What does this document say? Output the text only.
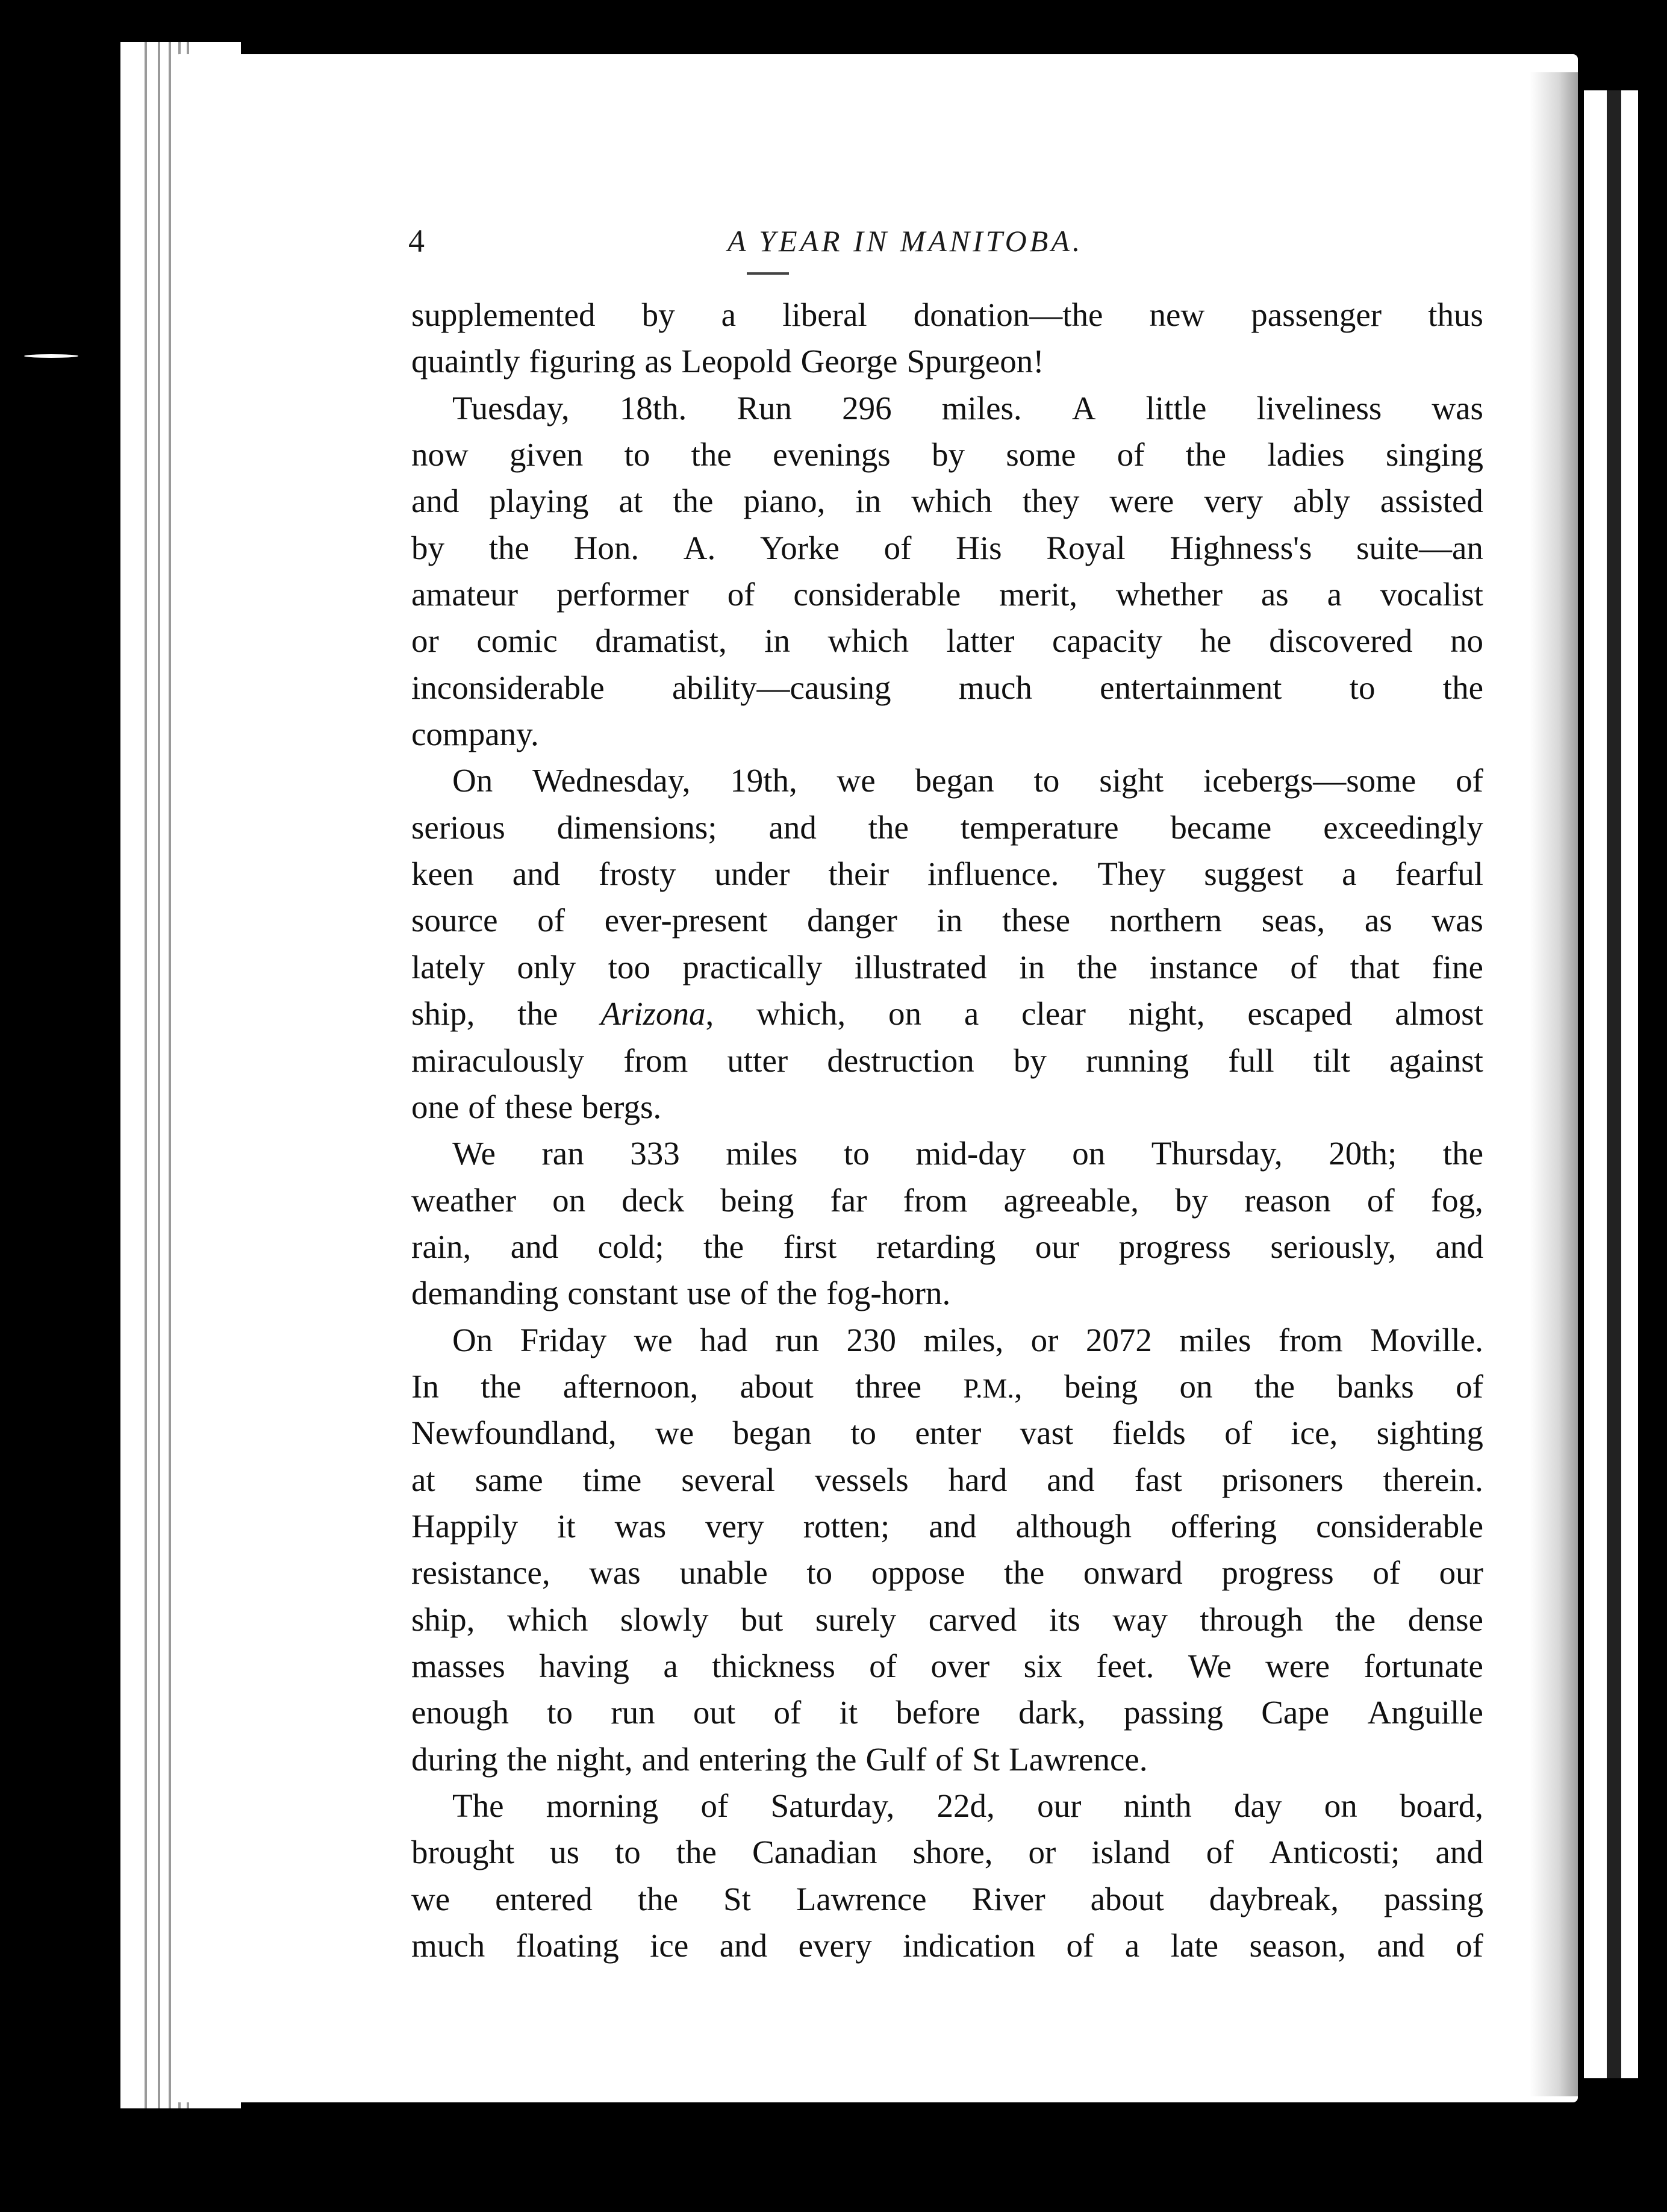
4	A YEAR IN MANITOBA.
supplemented by a liberal donation—the new passenger thus
quaintly figuring as Leopold George Spurgeon!
Tuesday, 18th. Run 296 miles. A little liveliness was
now given to the evenings by some of the ladies singing
and playing at the piano, in which they were very ably assisted
by the Hon. A. Yorke of His Royal Highness's suite—an
amateur performer of considerable merit, whether as a vocalist
or comic dramatist, in which latter capacity he discovered no
inconsiderable ability—causing much entertainment to the
company.
On Wednesday, 19th, we began to sight icebergs—some of
serious dimensions; and the temperature became exceedingly
keen and frosty under their influence. They suggest a fearful
source of ever-present danger in these northern seas, as was
lately only too practically illustrated in the instance of that fine
ship, the Arizona, which, on a clear night, escaped almost
miraculously from utter destruction by running full tilt against
one of these bergs.
We ran 333 miles to mid-day on Thursday, 20th; the
weather on deck being far from agreeable, by reason of fog,
rain, and cold; the first retarding our progress seriously, and
demanding constant use of the fog-horn.
On Friday we had run 230 miles, or 2072 miles from Moville.
In the afternoon, about three P.M., being on the banks of
Newfoundland, we began to enter vast fields of ice, sighting
at same time several vessels hard and fast prisoners therein.
Happily it was very rotten; and although offering considerable
resistance, was unable to oppose the onward progress of our
ship, which slowly but surely carved its way through the dense
masses having a thickness of over six feet. We were fortunate
enough to run out of it before dark, passing Cape Anguille
during the night, and entering the Gulf of St Lawrence.
The morning of Saturday, 22d, our ninth day on board,
brought us to the Canadian shore, or island of Anticosti; and
we entered the St Lawrence River about daybreak, passing
much floating ice and every indication of a late season, and of
